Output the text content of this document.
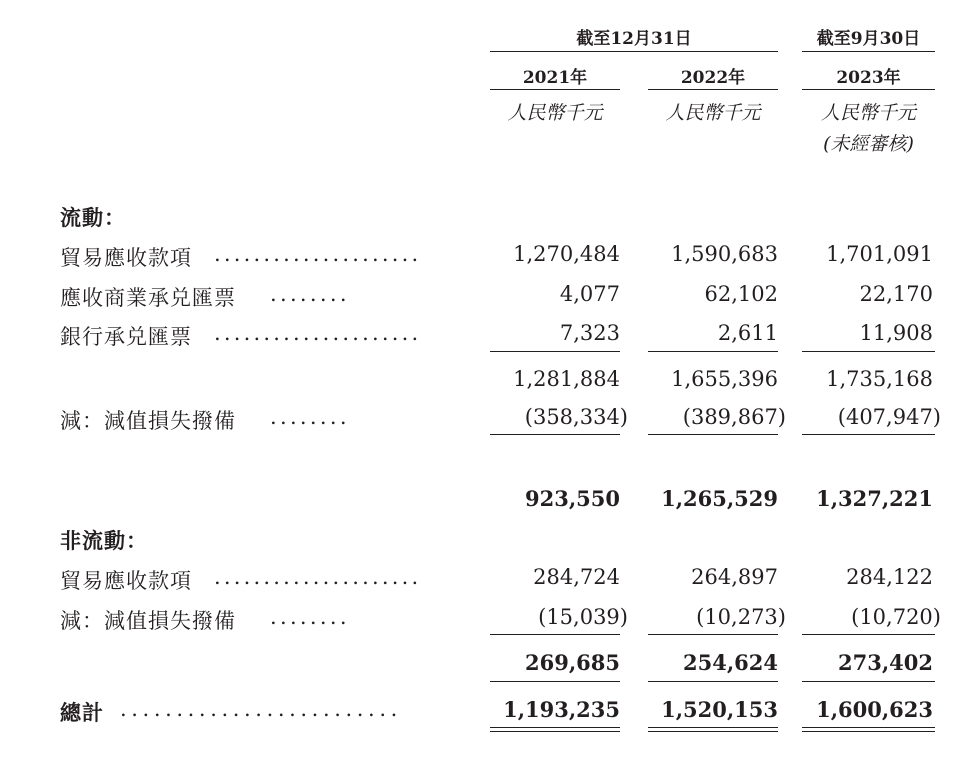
截至12月31日	截至9月30日
2021年	2022年	2023年
人民幣千元	人民幣千元	人民幣千元
(未經審核)
流動：
貿易應收款項 .....................	1,270,484	1,590,683	1,701,091
應收商業承兑匯票 ........	4,077	62,102	22,170
銀行承兑匯票 .....................	7,323	2,611	11,908
1,281,884	1,655,396	1,735,168
減：減值損失撥備 ........	(358,334)	(389,867)	(407,947)
923,550	1,265,529	1,327,221
非流動：
貿易應收款項 .....................	284,724	264,897	284,122
減：減值損失撥備 ........	(15,039)	(10,273)	(10,720)
269,685	254,624	273,402
總計 .........................	1,193,235	1,520,153	1,600,623
